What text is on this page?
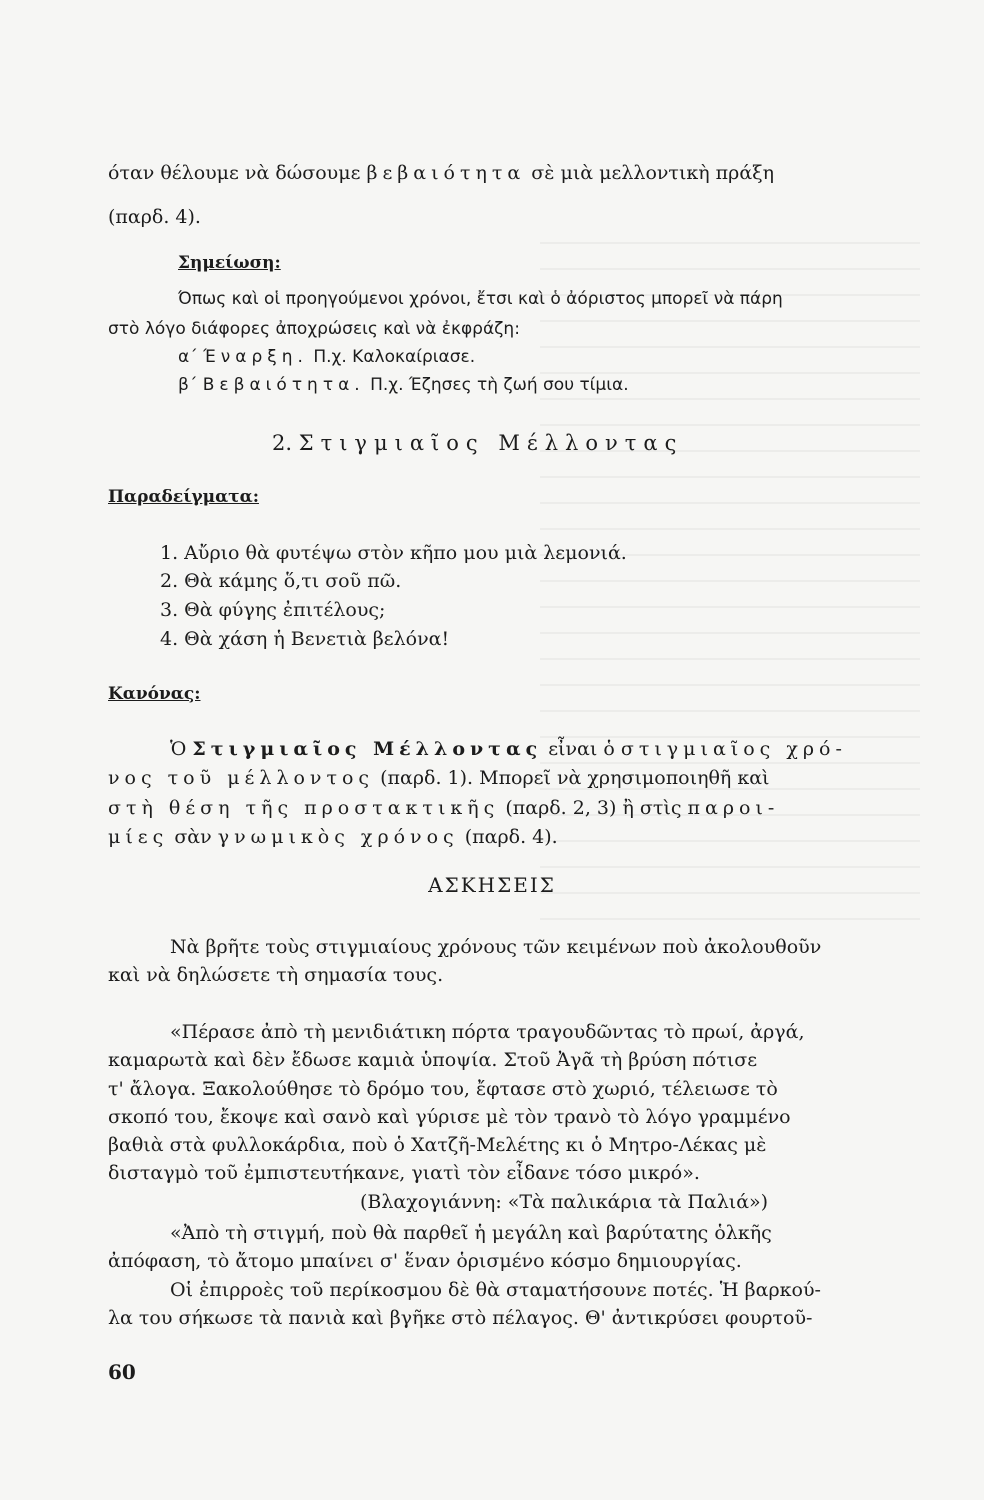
όταν θέλουμε νὰ δώσουμε βεβαιότητα σὲ μιὰ μελλοντικὴ πράξη
(παρδ. 4).
Σημείωση:
Όπως καὶ οἱ προηγούμενοι χρόνοι, ἔτσι καὶ ὁ ἀόριστος μπορεῖ νὰ πάρη
στὸ λόγο διάφορες ἀποχρώσεις καὶ νὰ ἐκφράζη:
α΄ Έναρξη. Π.χ. Καλοκαίριασε.
β΄ Βεβαιότητα. Π.χ. Έζησες τὴ ζωή σου τίμια.
2. Στιγμιαῖος Μέλλοντας
Παραδείγματα:
1. Αὔριο θὰ φυτέψω στὸν κῆπο μου μιὰ λεμονιά.
2. Θὰ κάμης ὅ,τι σοῦ πῶ.
3. Θὰ φύγης ἐπιτέλους;
4. Θὰ χάση ἡ Βενετιὰ βελόνα!
Κανόνας:
Ὁ Στιγμιαῖος Μέλλοντας εἶναι ὁ στιγμιαῖος χρό-
νος τοῦ μέλλοντος (παρδ. 1). Μπορεῖ νὰ χρησιμοποιηθῆ καὶ
στὴ θέση τῆς προστακτικῆς (παρδ. 2, 3) ἢ στὶς παροι-
μίες σὰν γνωμικὸς χρόνος (παρδ. 4).
ΑΣΚΗΣΕΙΣ
Νὰ βρῆτε τοὺς στιγμιαίους χρόνους τῶν κειμένων ποὺ ἀκολουθοῦν
καὶ νὰ δηλώσετε τὴ σημασία τους.
«Πέρασε ἀπὸ τὴ μενιδιάτικη πόρτα τραγουδῶντας τὸ πρωί, ἀργά,
καμαρωτὰ καὶ δὲν ἔδωσε καμιὰ ὑποψία. Στοῦ Ἀγᾶ τὴ βρύση πότισε
τ' ἄλογα. Ξακολούθησε τὸ δρόμο του, ἔφτασε στὸ χωριό, τέλειωσε τὸ
σκοπό του, ἔκοψε καὶ σανὸ καὶ γύρισε μὲ τὸν τρανὸ τὸ λόγο γραμμένο
βαθιὰ στὰ φυλλοκάρδια, ποὺ ὁ Χατζῆ-Μελέτης κι ὁ Μητρο-Λέκας μὲ
δισταγμὸ τοῦ ἐμπιστευτήκανε, γιατὶ τὸν εἶδανε τόσο μικρό».
(Βλαχογιάννη: «Τὰ παλικάρια τὰ Παλιά»)
«Ἀπὸ τὴ στιγμή, ποὺ θὰ παρθεῖ ἡ μεγάλη καὶ βαρύτατης ὁλκῆς
ἀπόφαση, τὸ ἄτομο μπαίνει σ' ἕναν ὁρισμένο κόσμο δημιουργίας.
Οἱ ἐπιρροὲς τοῦ περίκοσμου δὲ θὰ σταματήσουνε ποτές. Ἡ βαρκού-
λα του σήκωσε τὰ πανιὰ καὶ βγῆκε στὸ πέλαγος. Θ' ἀντικρύσει φουρτοῦ-
60
